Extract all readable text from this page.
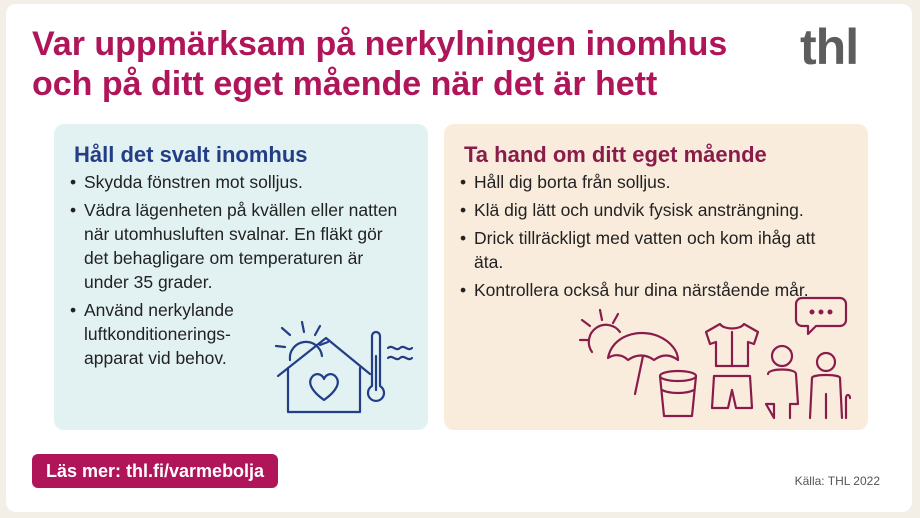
Var uppmärksam på nerkylningen inomhus
och på ditt eget mående när det är hett
thl
Håll det svalt inomhus
• Skydda fönstren mot solljus.
• Vädra lägenheten på kvällen eller natten när utomhusluften svalnar. En fläkt gör det behagligare om temperaturen är under 35 grader.
• Använd nerkylande luftkonditionerings-apparat vid behov.
Ta hand om ditt eget mående
• Håll dig borta från solljus.
• Klä dig lätt och undvik fysisk ansträngning.
• Drick tillräckligt med vatten och kom ihåg att äta.
• Kontrollera också hur dina närstående mår.
Läs mer: thl.fi/varmebolja	Källa: THL 2022
